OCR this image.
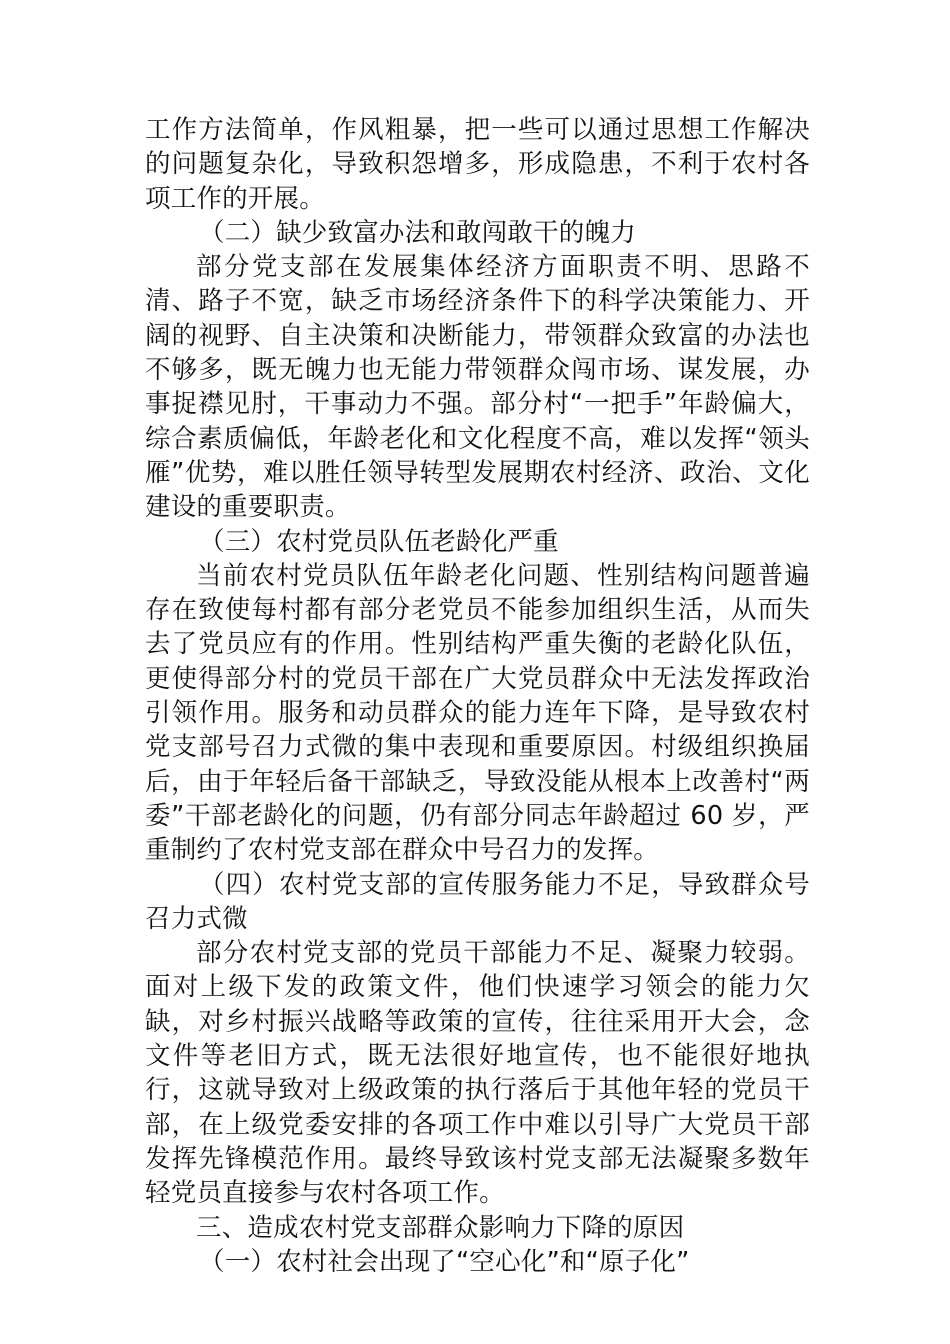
工作方法简单，作风粗暴，把一些可以通过思想工作解决的问题复杂化，导致积怨增多，形成隐患，不利于农村各项工作的开展。

（二）缺少致富办法和敢闯敢干的魄力

部分党支部在发展集体经济方面职责不明、思路不清、路子不宽，缺乏市场经济条件下的科学决策能力、开阔的视野、自主决策和决断能力，带领群众致富的办法也不够多，既无魄力也无能力带领群众闯市场、谋发展，办事捉襟见肘，干事动力不强。部分村“一把手”年龄偏大，综合素质偏低，年龄老化和文化程度不高，难以发挥“领头雁”优势，难以胜任领导转型发展期农村经济、政治、文化建设的重要职责。

（三）农村党员队伍老龄化严重

当前农村党员队伍年龄老化问题、性别结构问题普遍存在致使每村都有部分老党员不能参加组织生活，从而失去了党员应有的作用。性别结构严重失衡的老龄化队伍，更使得部分村的党员干部在广大党员群众中无法发挥政治引领作用。服务和动员群众的能力连年下降，是导致农村党支部号召力式微的集中表现和重要原因。村级组织换届后，由于年轻后备干部缺乏，导致没能从根本上改善村“两委”干部老龄化的问题，仍有部分同志年龄超过 60 岁，严重制约了农村党支部在群众中号召力的发挥。

（四）农村党支部的宣传服务能力不足，导致群众号召力式微

部分农村党支部的党员干部能力不足、凝聚力较弱。面对上级下发的政策文件，他们快速学习领会的能力欠缺，对乡村振兴战略等政策的宣传，往往采用开大会，念文件等老旧方式，既无法很好地宣传，也不能很好地执行，这就导致对上级政策的执行落后于其他年轻的党员干部，在上级党委安排的各项工作中难以引导广大党员干部发挥先锋模范作用。最终导致该村党支部无法凝聚多数年轻党员直接参与农村各项工作。

三、造成农村党支部群众影响力下降的原因

（一）农村社会出现了“空心化”和“原子化”
